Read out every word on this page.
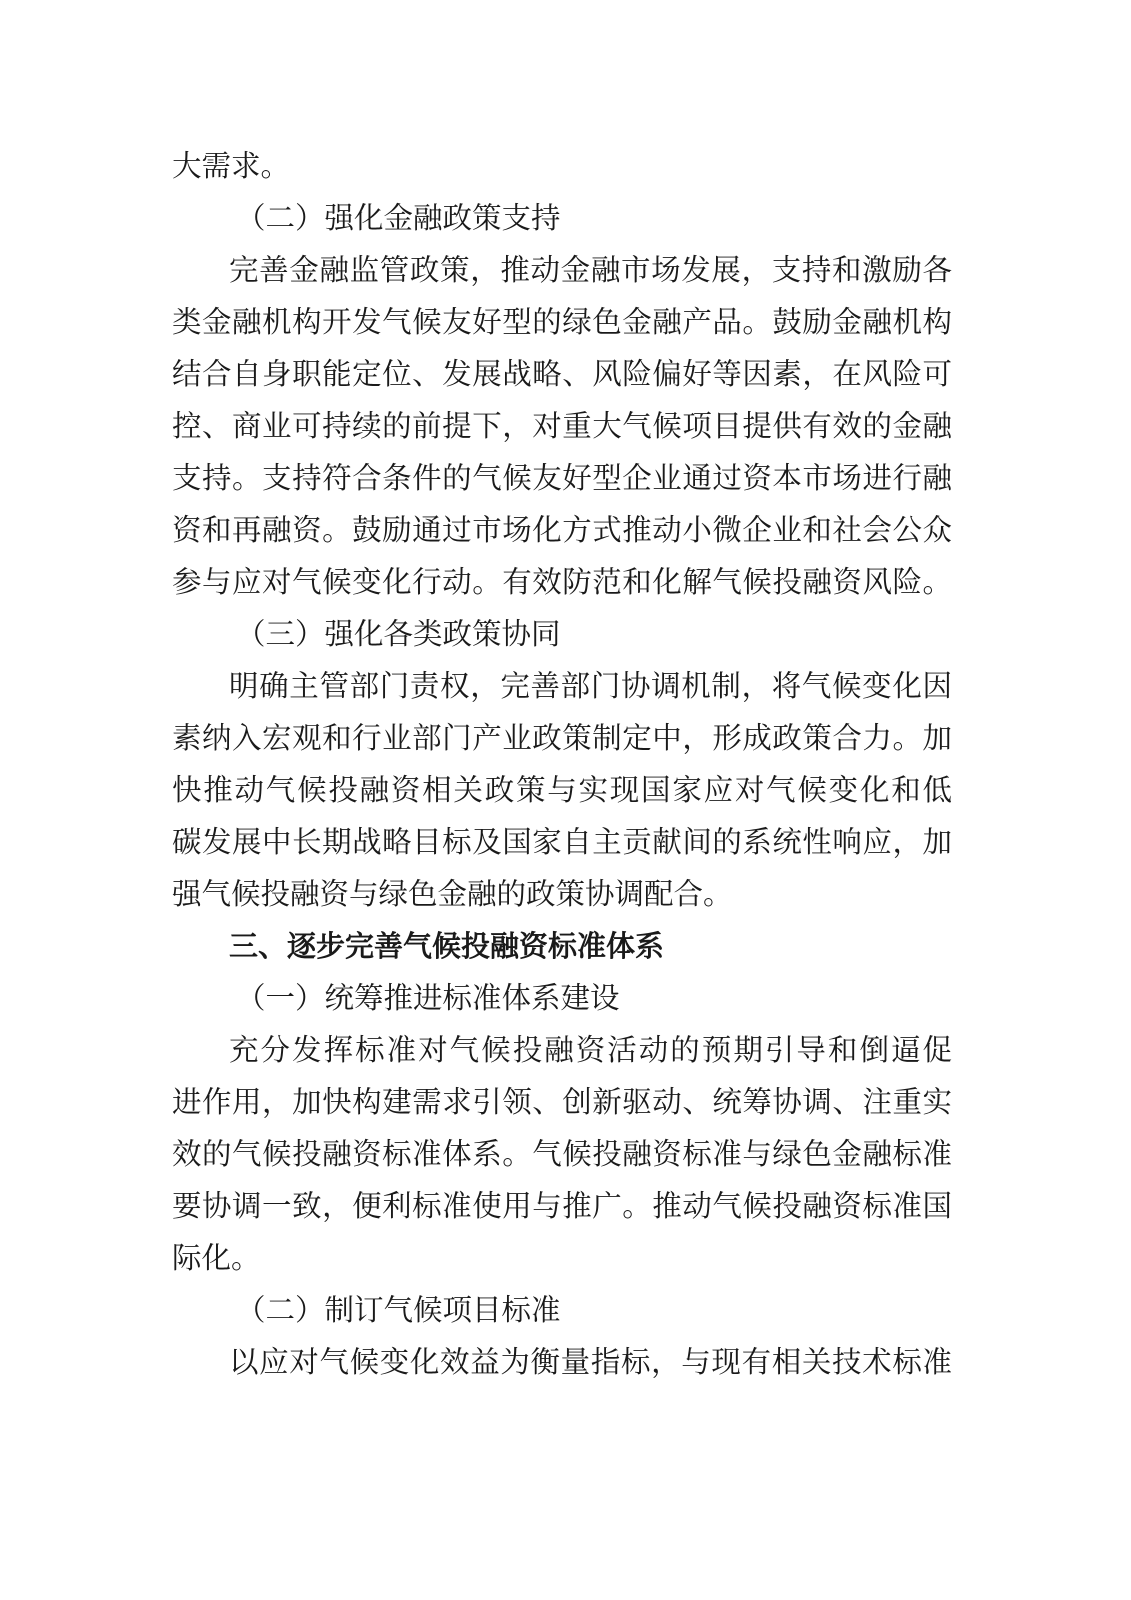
大需求。
（二）强化金融政策支持
完善金融监管政策，推动金融市场发展，支持和激励各
类金融机构开发气候友好型的绿色金融产品。鼓励金融机构
结合自身职能定位、发展战略、风险偏好等因素，在风险可
控、商业可持续的前提下，对重大气候项目提供有效的金融
支持。支持符合条件的气候友好型企业通过资本市场进行融
资和再融资。鼓励通过市场化方式推动小微企业和社会公众
参与应对气候变化行动。有效防范和化解气候投融资风险。
（三）强化各类政策协同
明确主管部门责权，完善部门协调机制，将气候变化因
素纳入宏观和行业部门产业政策制定中，形成政策合力。加
快推动气候投融资相关政策与实现国家应对气候变化和低
碳发展中长期战略目标及国家自主贡献间的系统性响应，加
强气候投融资与绿色金融的政策协调配合。
三、逐步完善气候投融资标准体系
（一）统筹推进标准体系建设
充分发挥标准对气候投融资活动的预期引导和倒逼促
进作用，加快构建需求引领、创新驱动、统筹协调、注重实
效的气候投融资标准体系。气候投融资标准与绿色金融标准
要协调一致，便利标准使用与推广。推动气候投融资标准国
际化。
（二）制订气候项目标准
以应对气候变化效益为衡量指标，与现有相关技术标准
